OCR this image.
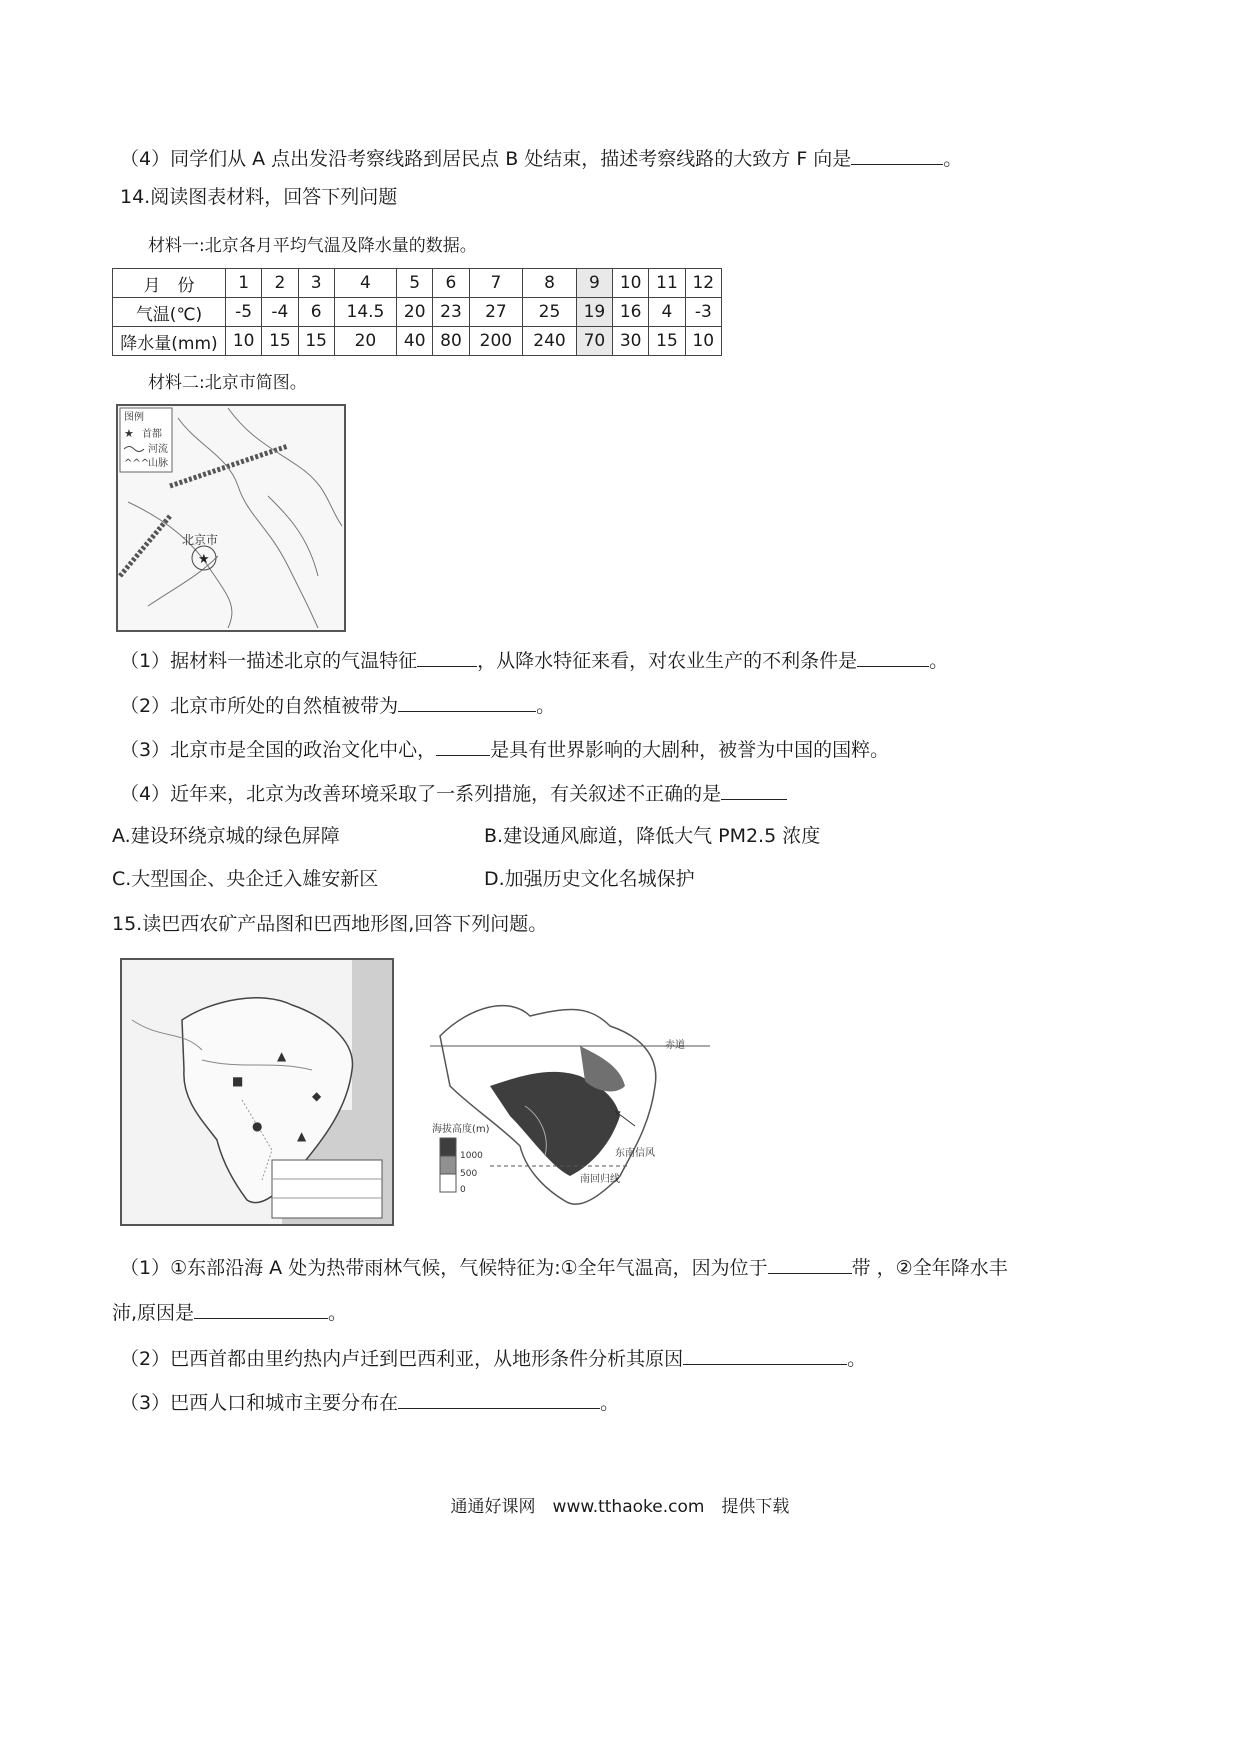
（4）同学们从 A 点出发沿考察线路到居民点 B 处结束，描述考察线路的大致方 F 向是	。
14.阅读图表材料，回答下列问题
材料一:北京各月平均气温及降水量的数据。
月　份	1	2	3	4	5	6	7	8	9	10	11	12
气温(℃)	-5	-4	6	14.5	20	23	27	25	19	16	4	-3
降水量(mm)	10	15	15	20	40	80	200	240	70	30	15	10
材料二:北京市简图。
图例
★ 首都
河流
^^^
山脉
北京市
★
（1）据材料一描述北京的气温特征	，从降水特征来看，对农业生产的不利条件是	。
（2）北京市所处的自然植被带为	。
（3）北京市是全国的政治文化中心，	是具有世界影响的大剧种，被誉为中国的国粹。
（4）近年来，北京为改善环境采取了一系列措施，有关叙述不正确的是
A.建设环绕京城的绿色屏障	B.建设通风廊道，降低大气 PM2.5 浓度
C.大型国企、央企迁入雄安新区	D.加强历史文化名城保护
15.读巴西农矿产品图和巴西地形图,回答下列问题。
▲
◆
●
▲
■
赤道
南回归线
东南信风
海拔高度(m)
1000
500
0
（1）①东部沿海 A 处为热带雨林气候，气候特征为:①全年气温高，因为位于	带 ，②全年降水丰
沛,原因是	。
（2）巴西首都由里约热内卢迁到巴西利亚，从地形条件分析其原因	。
（3）巴西人口和城市主要分布在	。
通通好课网　www.tthaoke.com　提供下载
